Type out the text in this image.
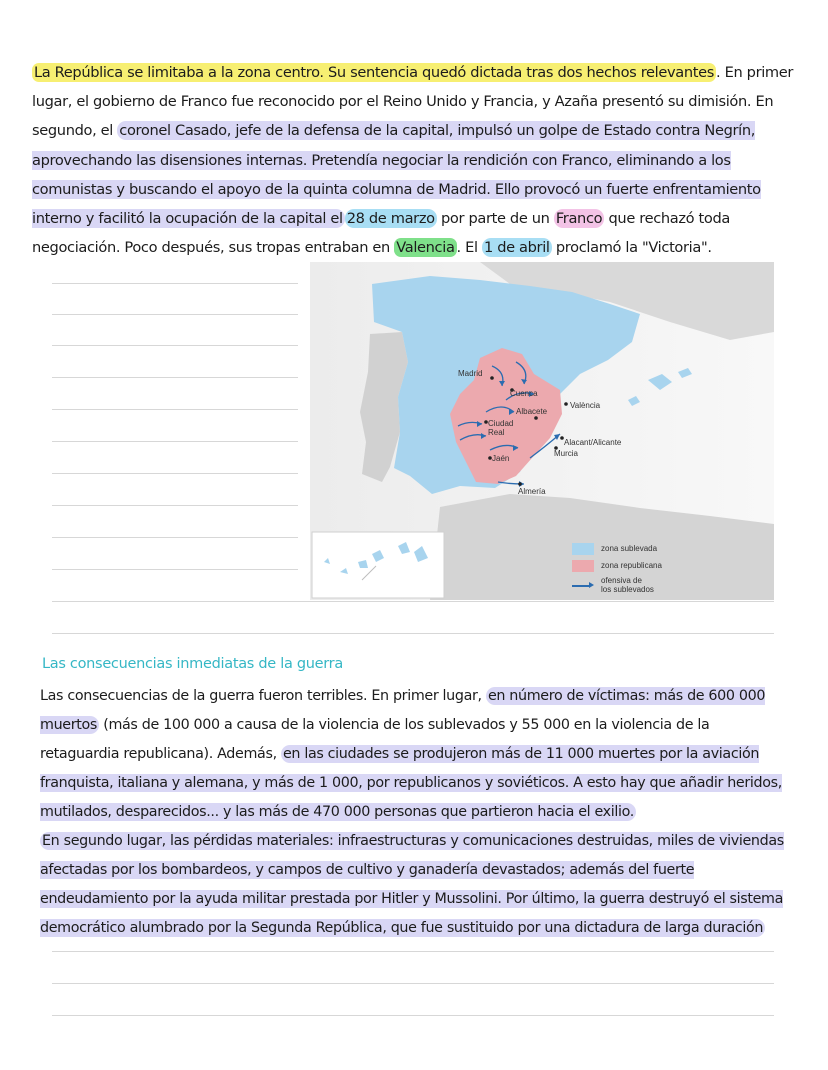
La República se limitaba a la zona centro. Su sentencia quedó dictada tras dos hechos relevantes . En primer lugar, el gobierno de Franco fue reconocido por el Reino Unido y Francia, y Azaña presentó su dimisión. En segundo, el coronel Casado, jefe de la defensa de la capital, impulsó un golpe de Estado contra Negrín, aprovechando las disensiones internas. Pretendía negociar la rendición con Franco, eliminando a los comunistas y buscando el apoyo de la quinta columna de Madrid. Ello provocó un fuerte enfrentamiento interno y facilitó la ocupación de la capital el 28 de marzo por parte de un Franco que rechazó toda negociación. Poco después, sus tropas entraban en Valencia . El 1 de abril proclamó la "Victoria".
Madrid
Cuenca
València
Albacete
Ciudad
Real
Alacant/Alicante
Murcia
Jaén
Almería
zona sublevada
zona republicana
ofensiva de
los sublevados
Las consecuencias inmediatas de la guerra
Las consecuencias de la guerra fueron terribles. En primer lugar, en número de víctimas: más de 600 000 muertos (más de 100 000 a causa de la violencia de los sublevados y 55 000 en la violencia de la retaguardia republicana). Además, en las ciudades se produjeron más de 11 000 muertes por la aviación franquista, italiana y alemana, y más de 1 000, por republicanos y soviéticos. A esto hay que añadir heridos, mutilados, desparecidos... y las más de 470 000 personas que partieron hacia el exilio.
En segundo lugar, las pérdidas materiales: infraestructuras y comunicaciones destruidas, miles de viviendas afectadas por los bombardeos, y campos de cultivo y ganadería devastados; además del fuerte endeudamiento por la ayuda militar prestada por Hitler y Mussolini. Por último, la guerra destruyó el sistema democrático alumbrado por la Segunda República, que fue sustituido por una dictadura de larga duración
